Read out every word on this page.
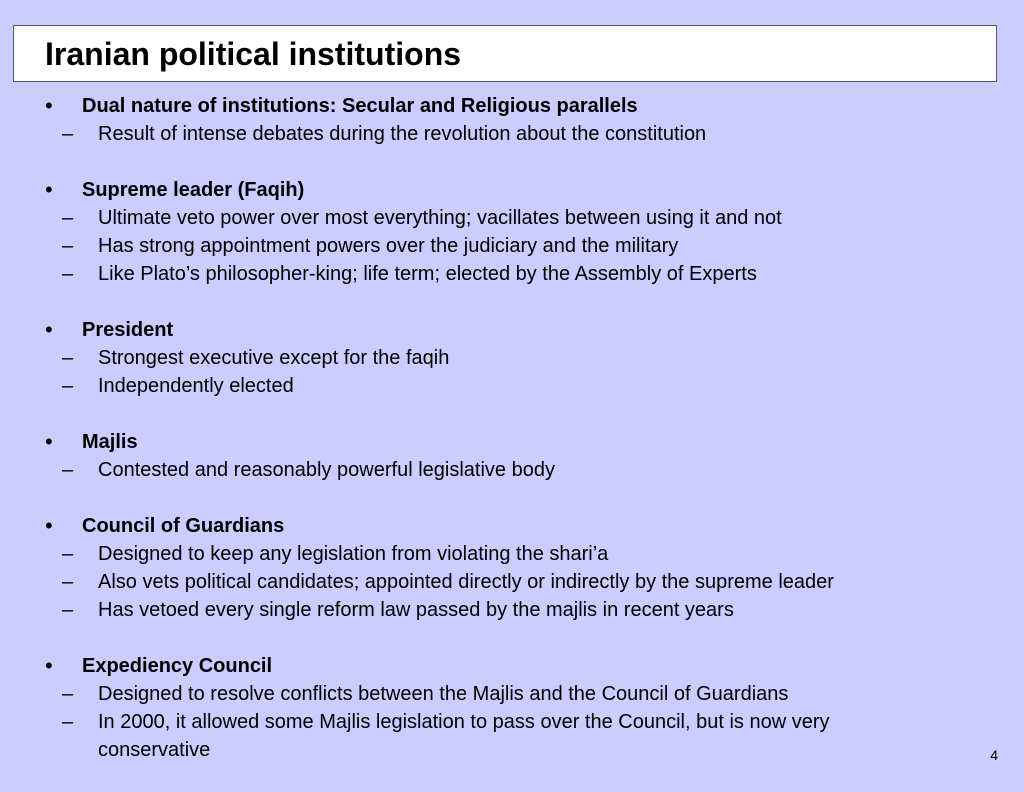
Iranian political institutions
• Dual nature of institutions: Secular and Religious parallels
– Result of intense debates during the revolution about the constitution
• Supreme leader (Faqih)
– Ultimate veto power over most everything; vacillates between using it and not
– Has strong appointment powers over the judiciary and the military
– Like Plato’s philosopher-king; life term; elected by the Assembly of Experts
• President
– Strongest executive except for the faqih
– Independently elected
• Majlis
– Contested and reasonably powerful legislative body
• Council of Guardians
– Designed to keep any legislation from violating the shari’a
– Also vets political candidates; appointed directly or indirectly by the supreme leader
– Has vetoed every single reform law passed by the majlis in recent years
• Expediency Council
– Designed to resolve conflicts between the Majlis and the Council of Guardians
– In 2000, it allowed some Majlis legislation to pass over the Council, but is now very
conservative	4
